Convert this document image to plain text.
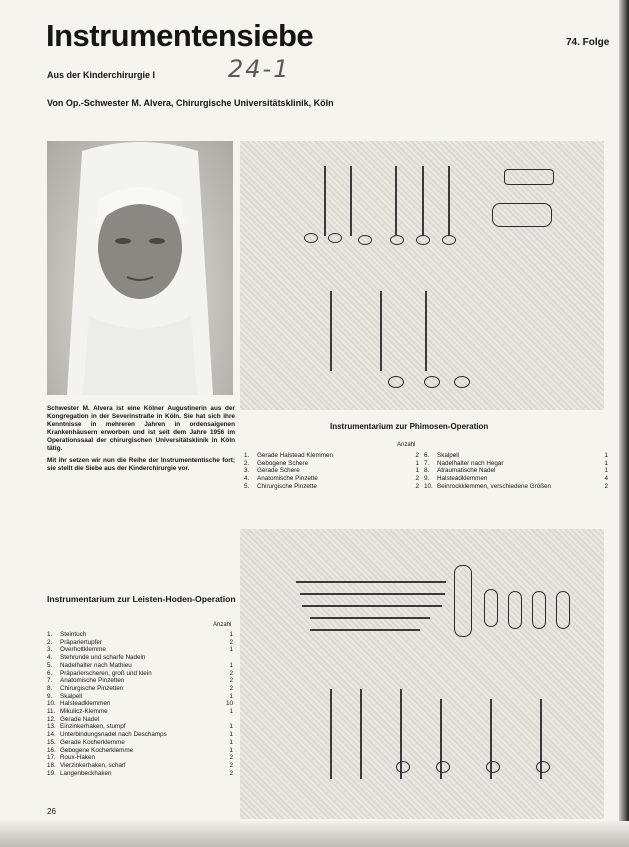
Instrumentensiebe	74. Folge
Aus der Kinderchirurgie I	24-1
Von Op.-Schwester M. Alvera, Chirurgische Universitätsklinik, Köln

Schwester M. Alvera ist eine Kölner Augustinerin aus der Kongregation in der Severinstraße in Köln. Sie hat sich ihre Kenntnisse in mehreren Jahren in ordensaigenen Krankenhäusern erworben und ist seit dem Jahre 1956 im Operationssaal der chirurgischen Universitätsklinik in Köln tätig.

Mit ihr setzen wir nun die Reihe der Instrumententische fort; sie stellt die Siebe aus der Kinderchirurgie vor.

Instrumentarium zur Phimosen-Operation
Anzahl
1.	Gerade Halstead Klemmen	2
2.	Gebogene Schere	1
3.	Gerade Schere	1
4.	Anatomische Pinzette	2
5.	Chirurgische Pinzette	2
6.	Skalpell	1
7.	Nadelhalter nach Hegar	1
8.	Atraumatische Nadel	1
9.	Halsteadklemmen	4
10. Beinrockklemmen, verschiedene Größen	2
Instrumentarium zur Leisten-Hoden-Operation
Anzahl
1.	Steintuch	1
2.	Präpariertupfer	2
3.	Overholtklemme	1
4.	Stehrunde und scharfe Nadeln
5.	Nadelhalter nach Mathieu	1
6.	Präparierscheren, groß und klein	2
7.	Anatomische Pinzetten	2
8.	Chirurgische Pinzetten	2
9.	Skalpell	1
10. Halsteadklemmen	10
11. Mikulicz-Klemme	1
12. Gerade Nadel
13. Einzinkerhaken, stumpf	1
14. Unterbindungsnadel nach Deschamps	1
15. Gerade Kocherklemme	1
16. Gebogene Kocherklemme	1
17. Roux-Haken	2
18. Vierzinkerhaken, scharf	2
19. Langenbeckhaken	2
26
